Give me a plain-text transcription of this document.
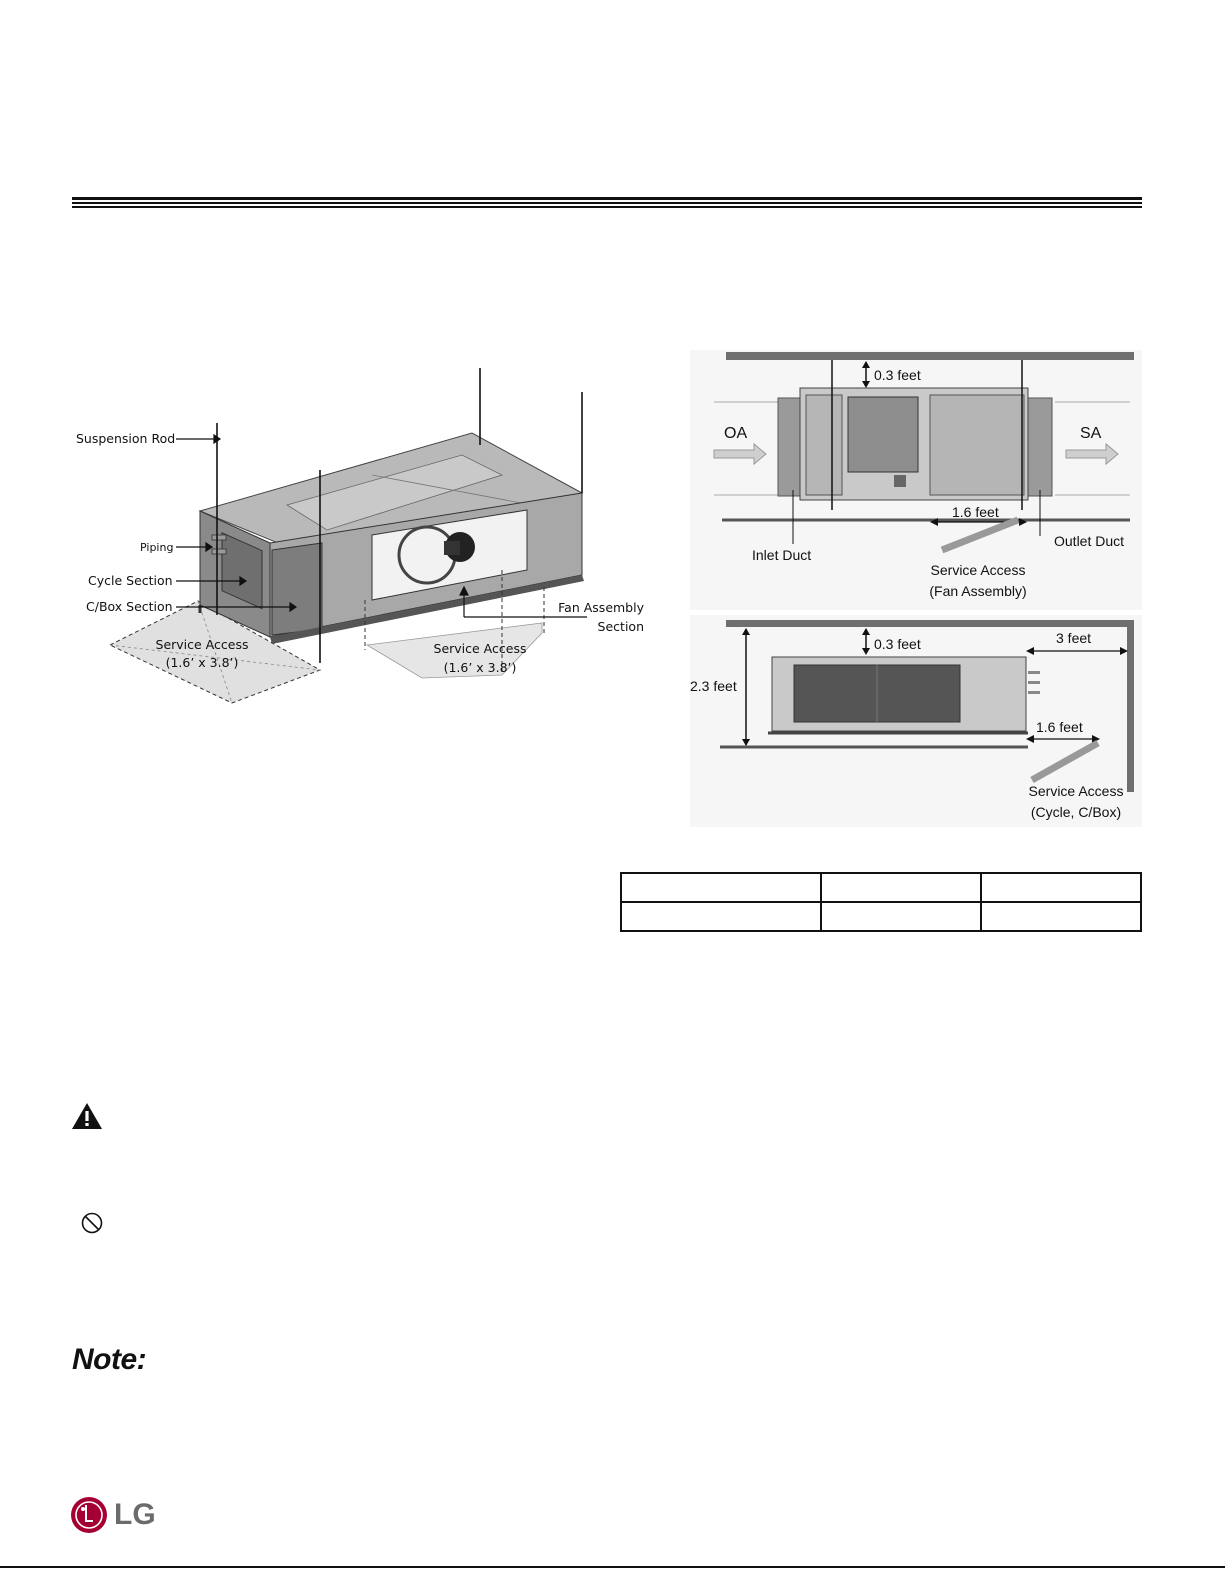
Suspension Rod
Piping
Cycle Section
C/Box Section	Fan Assembly
Section
Service Access
(1.6’ x 3.8’)
Service Access
(1.6’ x 3.8’)
0.3 feet
OA	SA
1.6 feet
Inlet Duct
Outlet Duct
Service Access
(Fan Assembly)
0.3 feet
2.3 feet
3 feet
1.6 feet
Service Access
(Cycle, C/Box)

Note:
LG
